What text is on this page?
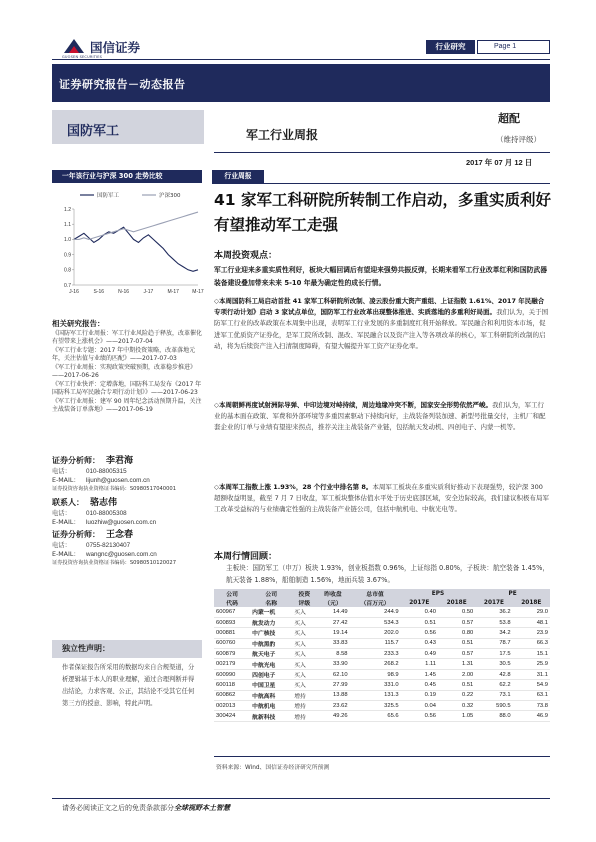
国信证券
GUOSEN SECURITIES
行业研究	Page 1
证券研究报告－动态报告
国防军工	军工行业周报
超配
（维持评级）
2017 年 07 月 12 日
一年该行业与沪深 300 走势比较
国防军工	沪深300
0.7
0.8
0.9
1.0
1.1
1.2
J-16	S-16	N-16	J-17	M-17	M-17
行业周报
41 家军工科研院所转制工作启动，多重实质利好有望推动军工走强
本周投资观点：
军工行业迎来多重实质性利好，板块大幅回调后有望迎来强势共振反弹，长期来看军工行业改革红利和国防武器装备建设叠加带来未来 5-10 年最为确定性的成长行情。
◇本周国防科工局启动首批 41 家军工科研院所改制、凌云股份重大资产重组、上证指数 1.61%、2017 年民融合专项行动计划》启动 3 家试点单位，国防军工行业改革出现整体推进、实质落地的多重利好局面。我们认为，关于国防军工行业的改革政策在本周集中出现，表明军工行业发展的多重制度红利开始释放。军民融合和利用资本市场，促进军工优质资产证券化，是军工院所改制、混改、军民融合以及资产注入等各项改革的核心，军工科研院所改制的启动，将为后续资产注入扫清制度障碍，有望大幅提升军工资产证券化率。
◇本周朝鲜再度试射洲际导弹、中印边境对峙持续，周边地缘冲突不断，国家安全形势依然严峻。我们认为，军工行业的基本面在政策、军费和外部环境等多重因素驱动下持续向好，主战装备列装加速、新型号批量交付，主机厂和配套企业的订单与业绩有望迎来拐点，推荐关注主战装备产业链，包括航天发动机、四创电子、内蒙一机等。
◇本周军工指数上涨 1.93%，28 个行业中排名第 8。本周军工板块在多重实质利好推动下表现强势，较沪深 300 超额收益明显，截至 7 月 7 日收盘，军工板块整体估值水平处于历史底部区域，安全边际较高，我们建议积极布局军工改革受益标的与业绩确定性强的主战装备产业链公司，包括中航机电、中航光电等。
相关研究报告：
《国防军工行业周报：军工行业风险趋于释放，改革催化有望带来上涨机会》——2017-07-04
《军工行业专题：2017 年中期投资策略，改革落地元年，关注估值与业绩的匹配》——2017-07-03
《军工行业周报：实现政策突破预期，改革稳步推进》——2017-06-26
《军工行业快评：定增落地，国防科工局发布《2017 年国防科工局军民融合专项行动计划》》——2017-06-23
《军工行业周报：建军 90 周年纪念活动预期升温，关注主战装备订单落地》——2017-06-19
证券分析师： 李君海
电话： 010-88005315
E-MAIL： lijunh@guosen.com.cn
证券投资咨询执业资格证书编码：S0980517040001
联系人： 骆志伟
电话： 010-88005308
E-MAIL： luozhiw@guosen.com.cn
证券分析师： 王念春
电话： 0755-82130407
E-MAIL： wangnc@guosen.com.cn
证券投资咨询执业资格证书编码：S0980510120027
独立性声明：
作者保证报告所采用的数据均来自合规渠道，分析逻辑基于本人的职业理解，通过合理判断并得出结论，力求客观、公正，其结论不受其它任何第三方的授意、影响，特此声明。
本周行情回顾：
主板块：国防军工（申万）板块 1.93%，创业板指数 0.96%，上证综指 0.80%，子板块：航空装备 1.45%，航天装备 1.88%，船舶制造 1.56%，地面兵装 3.67%。
公司	公司	投资	昨收盘	总市值	EPS		PE	
代码	名称	评级	（元）	（百万元）	2017E	2018E	2017E	2018E
600967	内蒙一机	买入	14.49	244.9	0.40	0.50	36.2	29.0
600893	航发动力	买入	27.42	534.3	0.51	0.57	53.8	48.1
000881	中广核技	买入	19.14	202.0	0.56	0.80	34.2	23.9
600760	中航黑豹	买入	33.83	115.7	0.43	0.51	78.7	66.3
600879	航天电子	买入	8.58	233.3	0.49	0.57	17.5	15.1
002179	中航光电	买入	33.90	268.2	1.11	1.31	30.5	25.9
600990	四创电子	买入	62.10	98.9	1.45	2.00	42.8	31.1
600118	中国卫星	买入	27.99	331.0	0.45	0.51	62.2	54.9
600862	中航高科	增持	13.88	131.3	0.19	0.22	73.1	63.1
002013	中航机电	增持	23.62	325.5	0.04	0.32	590.5	73.8
300424	航新科技	增持	49.26	65.6	0.56	1.05	88.0	46.9
资料来源：Wind、国信证券经济研究所预测
请务必阅读正文之后的免责条款部分全球视野本土智慧
